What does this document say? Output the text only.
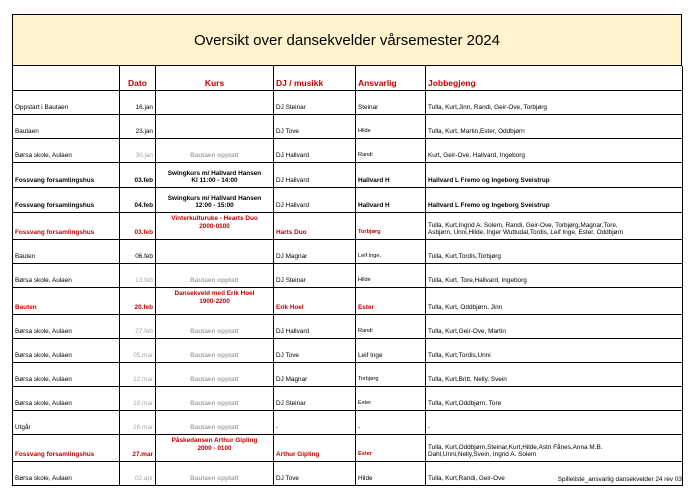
Oversikt over dansekvelder vårsemester 2024
	Dato	Kurs	DJ / musikk	Ansvarlig	Jobbegjeng
Oppstart i Bautaen	16.jan		DJ Steinar	Steinar	Tulla, Kurt,Jinn, Randi, Geir-Ove, Torbjørg
Bautaen	23.jan		DJ Tove	Hilde	Tulla, Kurt, Martin,Ester, Oddbjørn
Børsa skole, Aulaen	30.jan	Bautaen opptatt	DJ Hallvard	Randi	Kurt, Geir-Ove, Hallvard, Ingeborg
Fossvang forsamlingshus	03.feb	Swingkurs m/ Hallvard Hansen
Kl 11:00 - 14:00	DJ Hallvard	Hallvard H	Hallvard L Fremo og Ingeborg Sveistrup
Fossvang forsamlingshus	04.feb	Swingkurs m/ Hallvard Hansen
12:00 - 15:00	DJ Hallvard	Hallvard H	Hallvard L Fremo og Ingeborg Sveistrup
Fossvang forsamlingshus	03.feb	Vinterkulturuke - Hearts Duo
2000-0100	Harts Duo	Torbjørg	Tulla, Kurt,Ingrid A. Solem, Randi, Geir-Ove, Torbjørg,Magnar,Tore,
Asbjørn, Unni,Hilde, Inger Wuttudal,Tordis, Leif Inge, Ester, Oddbjørn
Bauten	06.feb		DJ Magnar	Leif Inge,	Tulla, Kurt,Tordis,Torbjørg
Børsa skole, Aulaen	13.feb	Bautaen opptatt	DJ Steinar	Hilde	Tulla, Kurt, Tore,Hallvard, Ingeborg
Bauten	20.feb	Dansekveld med Erik Hoel
1900-2200	Erik Hoel	Ester	Tulla, Kurt, Oddbjørn, Jinn
Børsa skole, Aulaen	27.feb	Bautaen opptatt	DJ Hallvard	Randi	Tulla, Kurt,Geir-Ove, Martin
Børsa skole, Aulaen	05.mar	Bautaen opptatt	DJ Tove	Leif Inge	Tulla, Kurt,Tordis,Unni
Børsa skole, Aulaen	12.mar	Bautaen opptatt	DJ Magnar	Torbjørg	Tulla, Kurt,Britt, Nelly, Svein
Børsa skole, Aulaen	19.mar	Bautaen opptatt	DJ Steinar	Ester	Tulla, Kurt,Oddbjørn, Tore
Utgår	26.mar	Bautaen opptatt	-	-	-
Fossvang forsamlingshus	27.mar	Påskedansen Arthur Gipling
2000 - 0100	Arthur Gipling	Ester	Tulla, Kurt,Oddbjørn,Steinar,Kurt,Hilde,Astri Fånes,Anna M.B.
Dahl,Unni,Nelly,Svein, Ingrid A. Solem
Børsa skole, Aulaen	02.apr	Bautaen opptatt	DJ Tove	Hilde	Tulla, Kurt,Randi, Geir-Ove	Spilleliste_ansvarlig dansekvelder 24 rev 03
